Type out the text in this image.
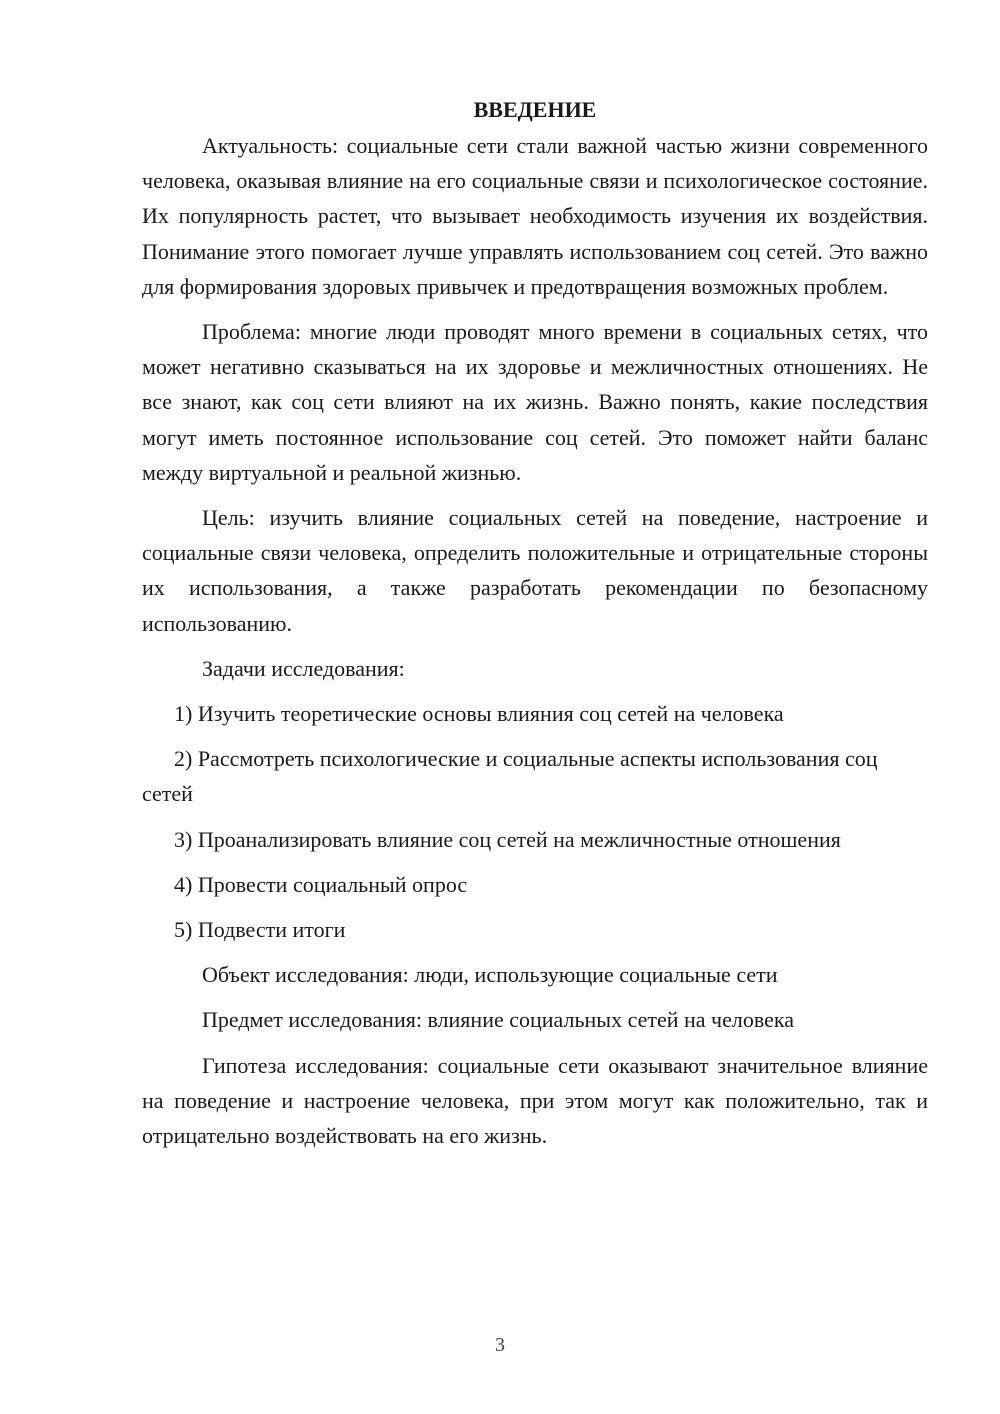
ВВЕДЕНИЕ

Актуальность: социальные сети стали важной частью жизни современного человека, оказывая влияние на его социальные связи и психологическое состояние. Их популярность растет, что вызывает необходимость изучения их воздействия. Понимание этого помогает лучше управлять использованием соц сетей. Это важно для формирования здоровых привычек и предотвращения возможных проблем.

Проблема: многие люди проводят много времени в социальных сетях, что может негативно сказываться на их здоровье и межличностных отношениях. Не все знают, как соц сети влияют на их жизнь. Важно понять, какие последствия могут иметь постоянное использование соц сетей. Это поможет найти баланс между виртуальной и реальной жизнью.

Цель: изучить влияние социальных сетей на поведение, настроение и социальные связи человека, определить положительные и отрицательные стороны их использования, а также разработать рекомендации по безопасному использованию.

Задачи исследования:

1) Изучить теоретические основы влияния соц сетей на человека

2) Рассмотреть психологические и социальные аспекты использования соц сетей

3) Проанализировать влияние соц сетей на межличностные отношения

4) Провести социальный опрос

5) Подвести итоги

Объект исследования: люди, использующие социальные сети

Предмет исследования: влияние социальных сетей на человека

Гипотеза исследования: социальные сети оказывают значительное влияние на поведение и настроение человека, при этом могут как положительно, так и отрицательно воздействовать на его жизнь.

3
